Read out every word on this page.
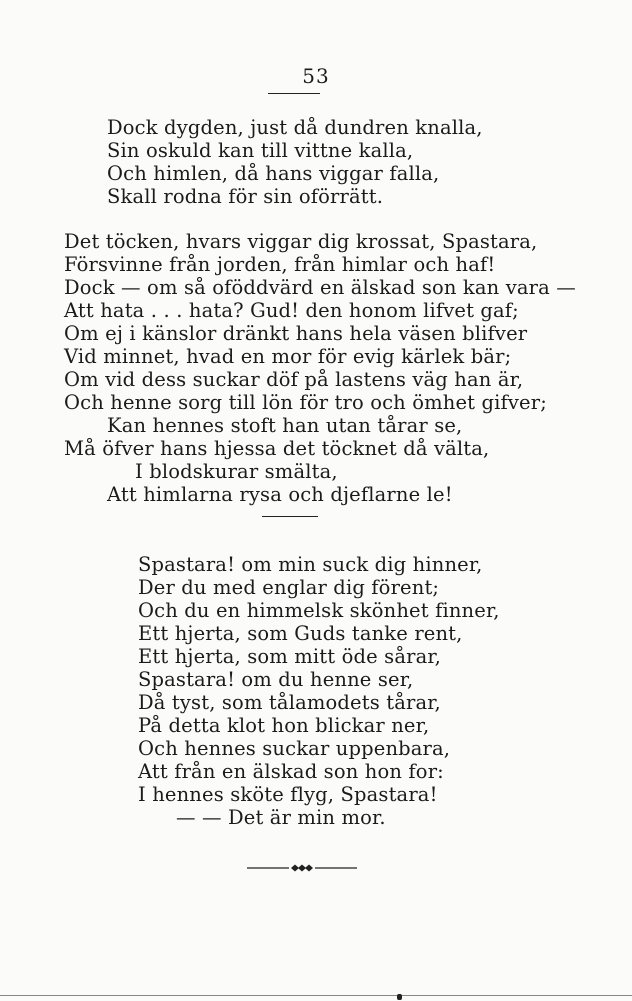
53
Dock dygden, just då dundren knalla,
Sin oskuld kan till vittne kalla,
Och himlen, då hans viggar falla,
Skall rodna för sin oförrätt.
Det töcken, hvars viggar dig krossat, Spastara,
Försvinne från jorden, från himlar och haf!
Dock — om så oföddvärd en älskad son kan vara —
Att hata . . . hata? Gud! den honom lifvet gaf;
Om ej i känslor dränkt hans hela väsen blifver
Vid minnet, hvad en mor för evig kärlek bär;
Om vid dess suckar döf på lastens väg han är,
Och henne sorg till lön för tro och ömhet gifver;
Kan hennes stoft han utan tårar se,
Må öfver hans hjessa det töcknet då välta,
I blodskurar smälta,
Att himlarna rysa och djeflarne le!
Spastara! om min suck dig hinner,
Der du med englar dig förent;
Och du en himmelsk skönhet finner,
Ett hjerta, som Guds tanke rent,
Ett hjerta, som mitt öde sårar,
Spastara! om du henne ser,
Då tyst, som tålamodets tårar,
På detta klot hon blickar ner,
Och hennes suckar uppenbara,
Att från en älskad son hon for:
I hennes sköte flyg, Spastara!
— — Det är min mor.
